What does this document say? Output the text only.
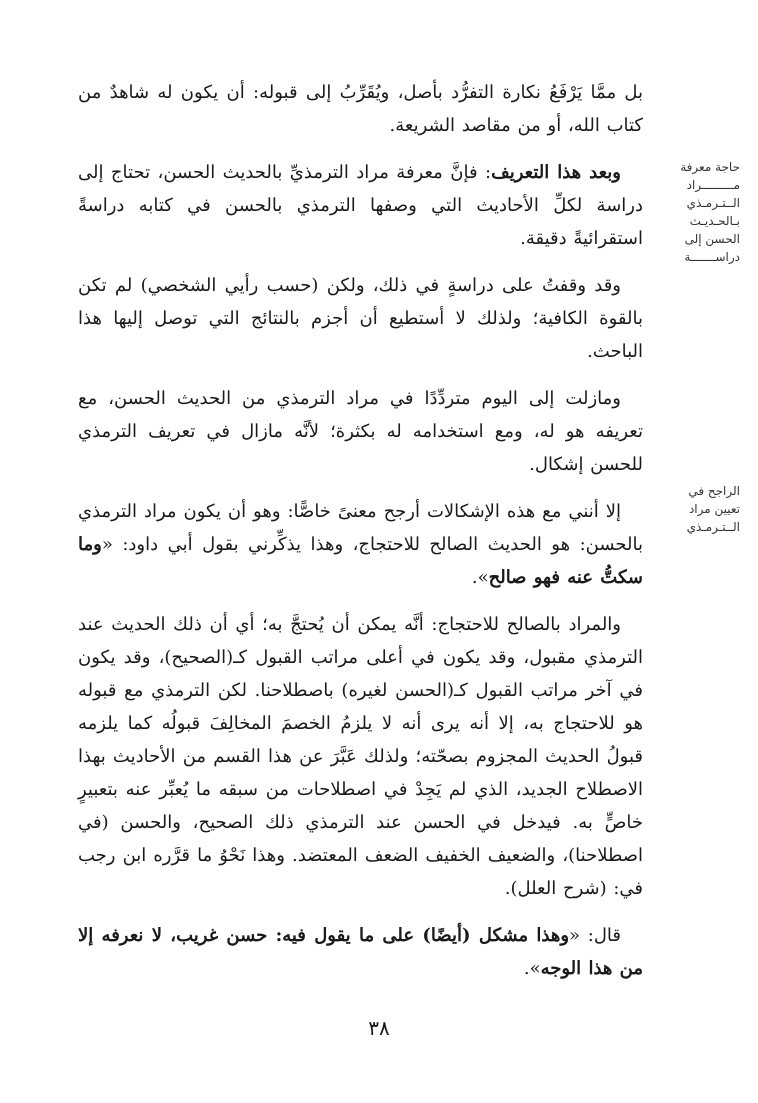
بل ممَّا يَرْفَعُ نكارة التفرُّد بأصل، ويُقَرِّبُ إلى قبوله: أن يكون له شاهدٌ من كتاب الله، أو من مقاصد الشريعة.

وبعد هذا التعريف: فإنَّ معرفة مراد الترمذيِّ بالحديث الحسن، تحتاج إلى دراسة لكلِّ الأحاديث التي وصفها الترمذي بالحسن في كتابه دراسةً استقرائيةً دقيقة.

وقد وقفتُ على دراسةٍ في ذلك، ولكن (حسب رأيي الشخصي) لم تكن بالقوة الكافية؛ ولذلك لا أستطيع أن أجزم بالنتائج التي توصل إليها هذا الباحث.

ومازلت إلى اليوم متردِّدًا في مراد الترمذي من الحديث الحسن، مع تعريفه هو له، ومع استخدامه له بكثرة؛ لأنَّه مازال في تعريف الترمذي للحسن إشكال.

إلا أنني مع هذه الإشكالات أرجح معنىً خاصًّا: وهو أن يكون مراد الترمذي بالحسن: هو الحديث الصالح للاحتجاج، وهذا يذكِّرني بقول أبي داود: «وما سكتُّ عنه فهو صالح».

والمراد بالصالح للاحتجاج: أنَّه يمكن أن يُحتجَّ به؛ أي أن ذلك الحديث عند الترمذي مقبول، وقد يكون في أعلى مراتب القبول كـ(الصحيح)، وقد يكون في آخر مراتب القبول كـ(الحسن لغيره) باصطلاحنا. لكن الترمذي مع قبوله هو للاحتجاج به، إلا أنه يرى أنه لا يلزمُ الخصمَ المخالِفَ قبولُه كما يلزمه قبولُ الحديث المجزوم بصحّته؛ ولذلك عَبَّرَ عن هذا القسم من الأحاديث بهذا الاصطلاح الجديد، الذي لم يَجِدْ في اصطلاحات من سبقه ما يُعبِّر عنه بتعبيرٍ خاصٍّ به. فيدخل في الحسن عند الترمذي ذلك الصحيح، والحسن (في اصطلاحنا)، والضعيف الخفيف الضعف المعتضد. وهذا نَحْوُ ما قرَّره ابن رجب في: (شرح العلل).

قال: «وهذا مشكل (أيضًا) على ما يقول فيه: حسن غريب، لا نعرفه إلا من هذا الوجه».

حاجة معرفة
مـــــــــراد
الــتـرمـذي
بـالحـديـث
الحسن إلى
دراســـــــة
الراجح في
تعيين مراد
الــتـرمـذي
٣٨
